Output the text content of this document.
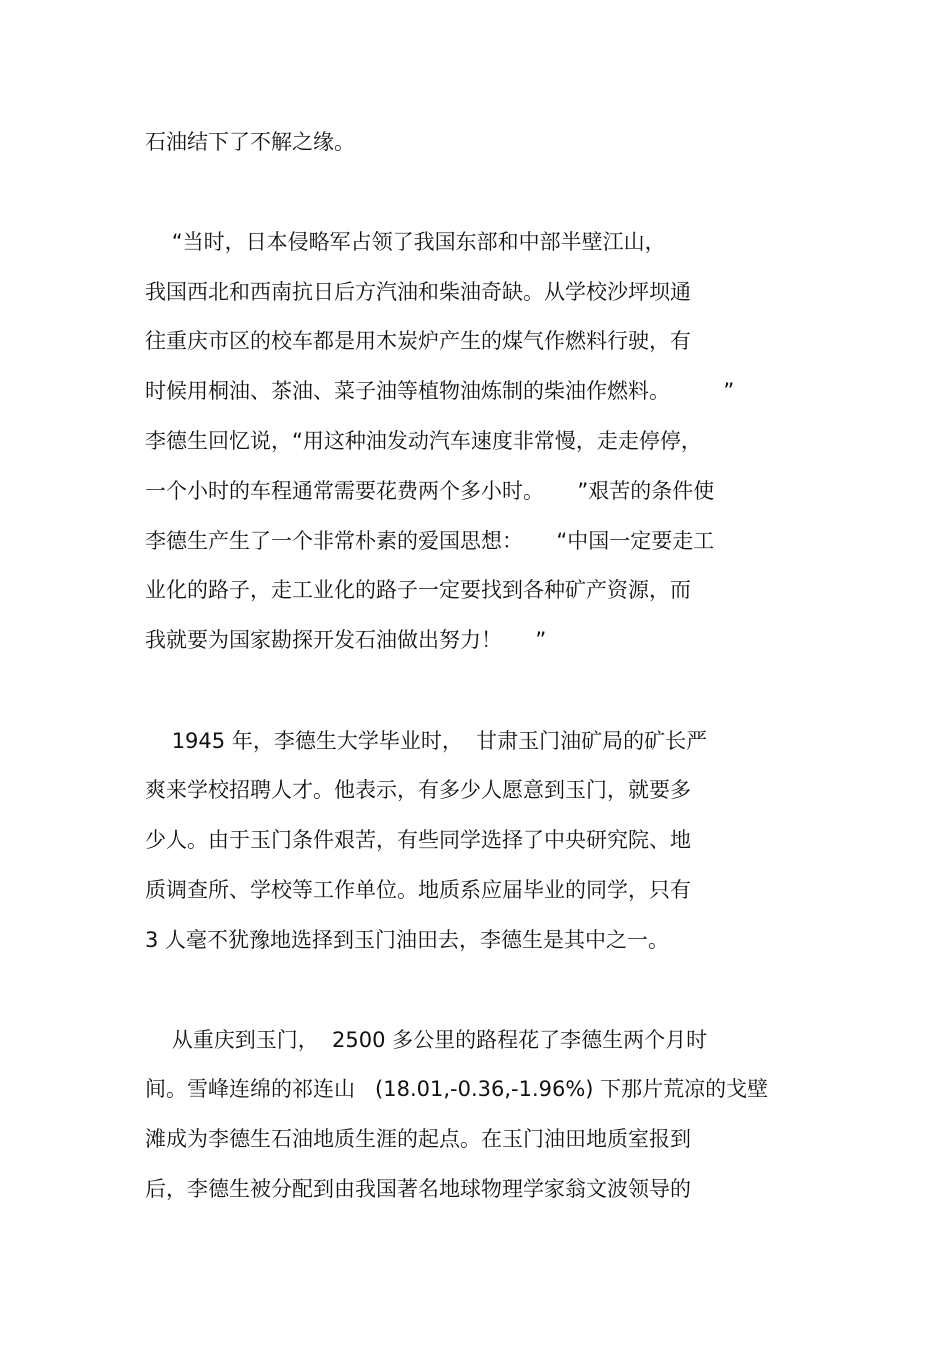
石油结下了不解之缘。
“当时，日本侵略军占领了我国东部和中部半壁江山，
我国西北和西南抗日后方汽油和柴油奇缺。从学校沙坪坝通
往重庆市区的校车都是用木炭炉产生的煤气作燃料行驶，有
时候用桐油、茶油、菜子油等植物油炼制的柴油作燃料。        ”
李德生回忆说，“用这种油发动汽车速度非常慢，走走停停，
一个小时的车程通常需要花费两个多小时。     ”艰苦的条件使
李德生产生了一个非常朴素的爱国思想：     “中国一定要走工
业化的路子，走工业化的路子一定要找到各种矿产资源，而
我就要为国家勘探开发石油做出努力！     ”
1945 年，李德生大学毕业时，  甘肃玉门油矿局的矿长严
爽来学校招聘人才。他表示，有多少人愿意到玉门，就要多
少人。由于玉门条件艰苦，有些同学选择了中央研究院、地
质调查所、学校等工作单位。地质系应届毕业的同学，只有
3 人毫不犹豫地选择到玉门油田去，李德生是其中之一。
从重庆到玉门，  2500 多公里的路程花了李德生两个月时
间。雪峰连绵的祁连山   (18.01,-0.36,-1.96%) 下那片荒凉的戈壁
滩成为李德生石油地质生涯的起点。在玉门油田地质室报到
后，李德生被分配到由我国著名地球物理学家翁文波领导的
